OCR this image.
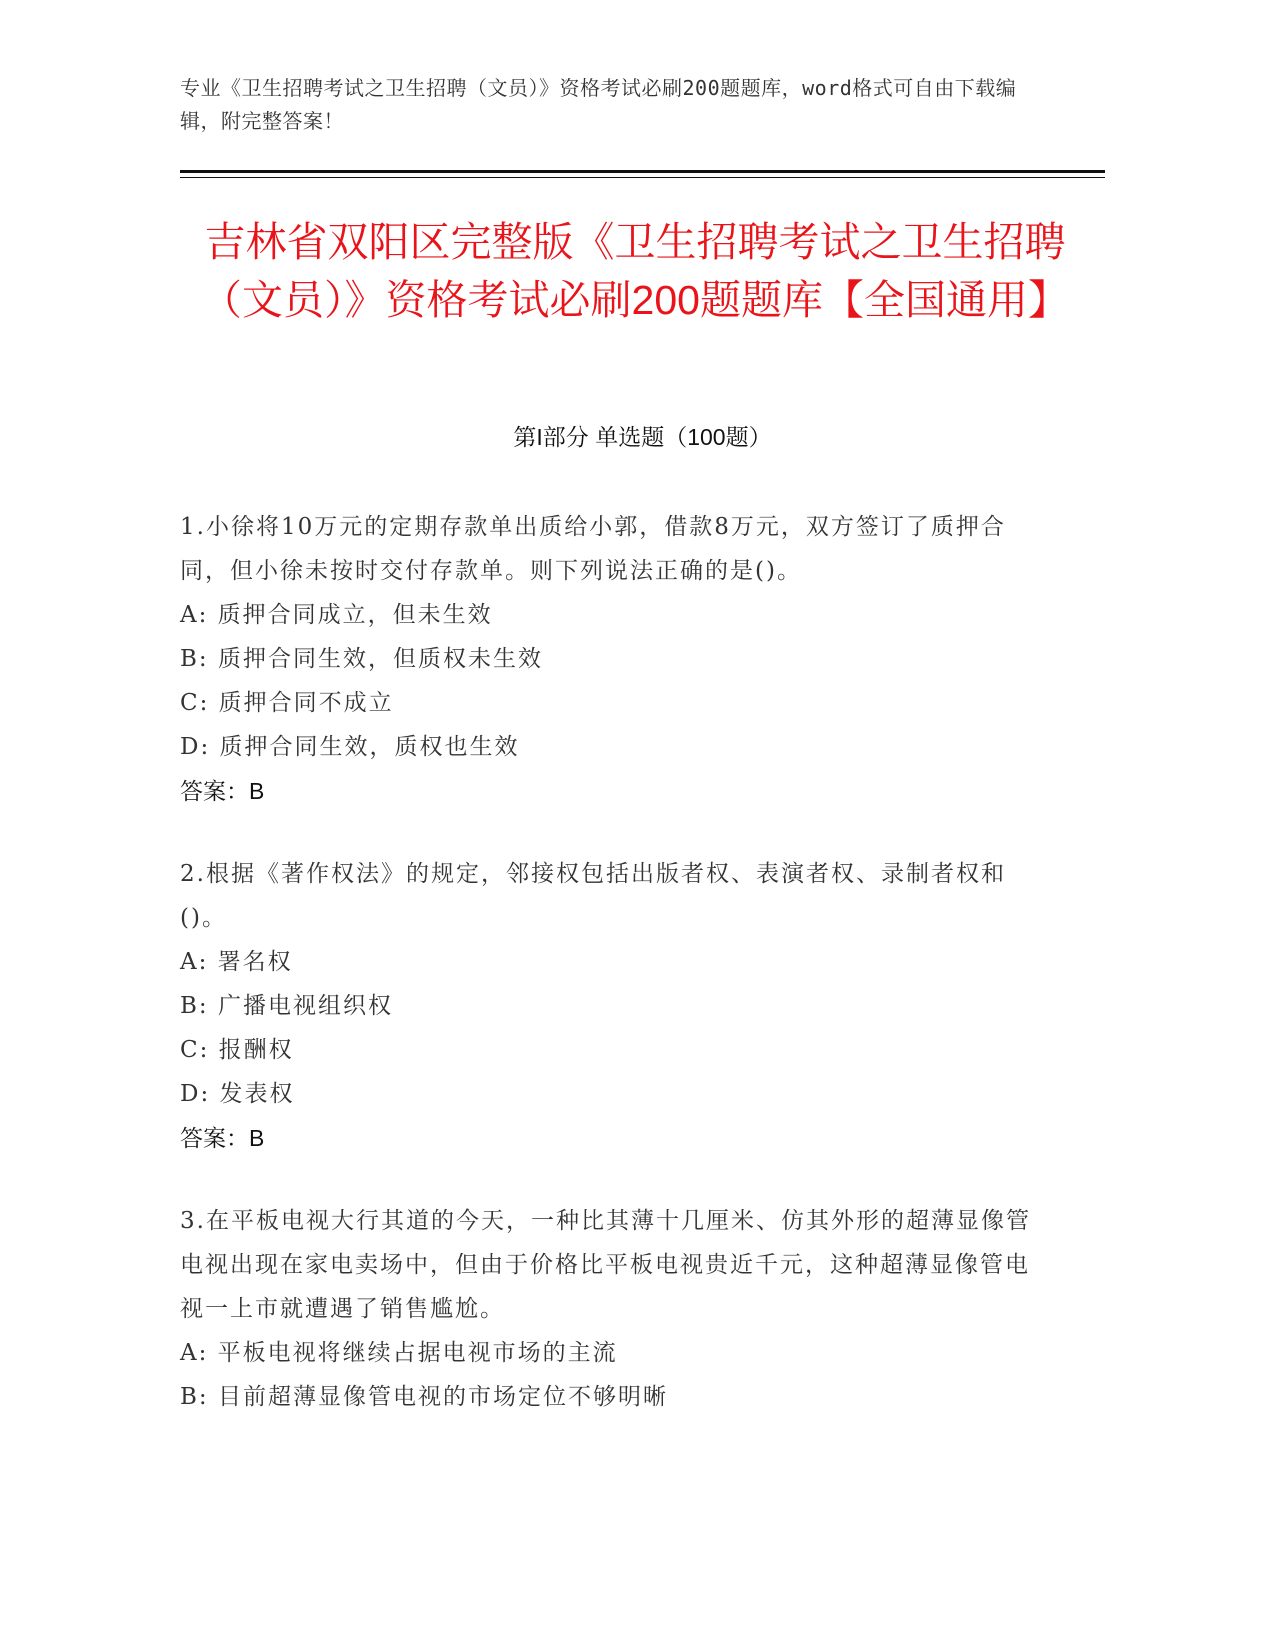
专业《卫生招聘考试之卫生招聘（文员）》资格考试必刷200题题库，word格式可自由下载编辑，附完整答案！
吉林省双阳区完整版《卫生招聘考试之卫生招聘（文员）》资格考试必刷200题题库【全国通用】
第I部分 单选题（100题）

1.小徐将10万元的定期存款单出质给小郭，借款8万元，双方签订了质押合同，但小徐未按时交付存款单。则下列说法正确的是()。

A: 质押合同成立，但未生效

B: 质押合同生效，但质权未生效

C: 质押合同不成立

D: 质押合同生效，质权也生效

答案：B

2.根据《著作权法》的规定，邻接权包括出版者权、表演者权、录制者权和()。

A: 署名权

B: 广播电视组织权

C: 报酬权

D: 发表权

答案：B

3.在平板电视大行其道的今天，一种比其薄十几厘米、仿其外形的超薄显像管电视出现在家电卖场中，但由于价格比平板电视贵近千元，这种超薄显像管电视一上市就遭遇了销售尴尬。

A: 平板电视将继续占据电视市场的主流

B: 目前超薄显像管电视的市场定位不够明晰
